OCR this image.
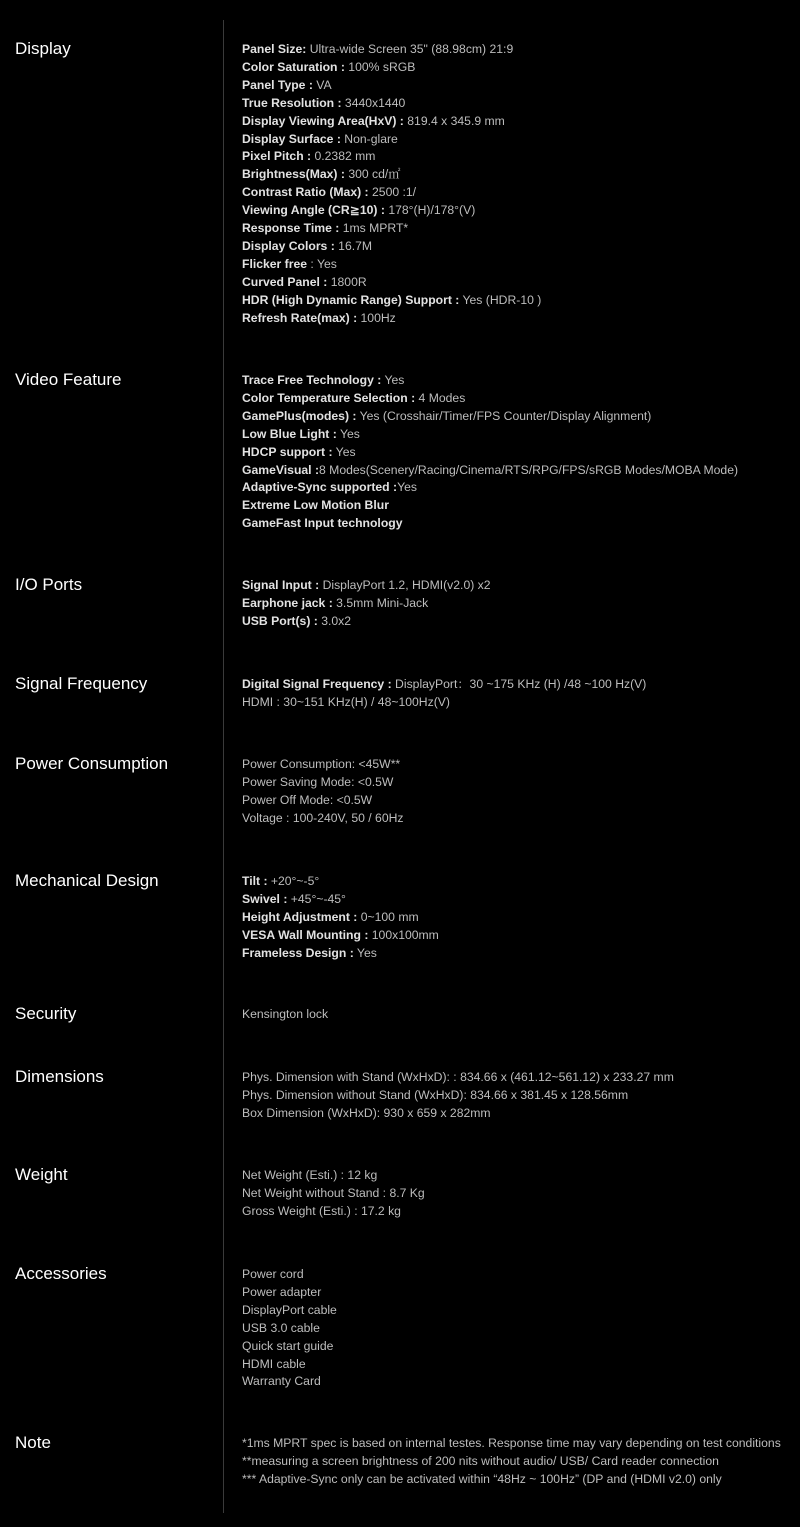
Display	Panel Size: Ultra-wide Screen 35" (88.98cm) 21:9
Color Saturation : 100% sRGB
Panel Type : VA
True Resolution : 3440x1440
Display Viewing Area(HxV) : 819.4 x 345.9 mm
Display Surface : Non-glare
Pixel Pitch : 0.2382 mm
Brightness(Max) : 300 cd/㎡
Contrast Ratio (Max) : 2500 :1/
Viewing Angle (CR≧10) : 178°(H)/178°(V)
Response Time : 1ms MPRT*
Display Colors : 16.7M
Flicker free : Yes
Curved Panel : 1800R
HDR (High Dynamic Range) Support : Yes (HDR-10 )
Refresh Rate(max) : 100Hz
Video Feature	Trace Free Technology : Yes
Color Temperature Selection : 4 Modes
GamePlus(modes) : Yes (Crosshair/Timer/FPS Counter/Display Alignment)
Low Blue Light : Yes
HDCP support : Yes
GameVisual :8 Modes(Scenery/Racing/Cinema/RTS/RPG/FPS/sRGB Modes/MOBA Mode)
Adaptive-Sync supported :Yes
Extreme Low Motion Blur
GameFast Input technology
I/O Ports	Signal Input : DisplayPort 1.2, HDMI(v2.0) x2
Earphone jack : 3.5mm Mini-Jack
USB Port(s) : 3.0x2
Signal Frequency	Digital Signal Frequency : DisplayPort：30 ~175 KHz (H) /48 ~100 Hz(V)
HDMI : 30~151 KHz(H) / 48~100Hz(V)
Power Consumption	Power Consumption: <45W**
Power Saving Mode: <0.5W
Power Off Mode: <0.5W
Voltage : 100-240V, 50 / 60Hz
Mechanical Design	Tilt : +20°~-5°
Swivel : +45°~-45°
Height Adjustment : 0~100 mm
VESA Wall Mounting : 100x100mm
Frameless Design : Yes
Security	Kensington lock
Dimensions	Phys. Dimension with Stand (WxHxD): : 834.66 x (461.12~561.12) x 233.27 mm
Phys. Dimension without Stand (WxHxD): 834.66 x 381.45 x 128.56mm
Box Dimension (WxHxD): 930 x 659 x 282mm
Weight	Net Weight (Esti.) : 12 kg
Net Weight without Stand : 8.7 Kg
Gross Weight (Esti.) : 17.2 kg
Accessories	Power cord
Power adapter
DisplayPort cable
USB 3.0 cable
Quick start guide
HDMI cable
Warranty Card
Note	*1ms MPRT spec is based on internal testes. Response time may vary depending on test conditions
**measuring a screen brightness of 200 nits without audio/ USB/ Card reader connection
*** Adaptive-Sync only can be activated within “48Hz ~ 100Hz” (DP and (HDMI v2.0) only
